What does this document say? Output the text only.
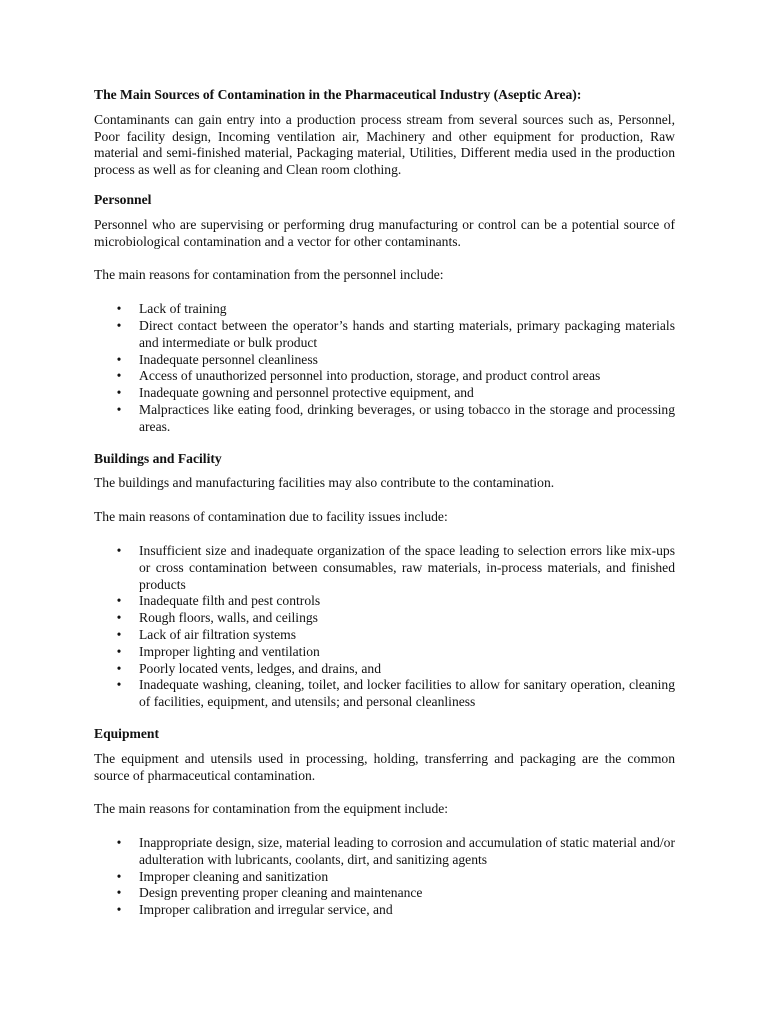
The Main Sources of Contamination in the Pharmaceutical Industry (Aseptic Area):

Contaminants can gain entry into a production process stream from several sources such as, Personnel, Poor facility design, Incoming ventilation air, Machinery and other equipment for production, Raw material and semi-finished material, Packaging material, Utilities, Different media used in the production process as well as for cleaning and Clean room clothing.

Personnel

Personnel who are supervising or performing drug manufacturing or control can be a potential source of microbiological contamination and a vector for other contaminants.

The main reasons for contamination from the personnel include:

• Lack of training
• Direct contact between the operator’s hands and starting materials, primary packaging materials and intermediate or bulk product
• Inadequate personnel cleanliness
• Access of unauthorized personnel into production, storage, and product control areas
• Inadequate gowning and personnel protective equipment, and
• Malpractices like eating food, drinking beverages, or using tobacco in the storage and processing areas.
Buildings and Facility

The buildings and manufacturing facilities may also contribute to the contamination.

The main reasons of contamination due to facility issues include:

• Insufficient size and inadequate organization of the space leading to selection errors like mix-ups or cross contamination between consumables, raw materials, in-process materials, and finished products
• Inadequate filth and pest controls
• Rough floors, walls, and ceilings
• Lack of air filtration systems
• Improper lighting and ventilation
• Poorly located vents, ledges, and drains, and
• Inadequate washing, cleaning, toilet, and locker facilities to allow for sanitary operation, cleaning of facilities, equipment, and utensils; and personal cleanliness
Equipment

The equipment and utensils used in processing, holding, transferring and packaging are the common source of pharmaceutical contamination.

The main reasons for contamination from the equipment include:

• Inappropriate design, size, material leading to corrosion and accumulation of static material and/or adulteration with lubricants, coolants, dirt, and sanitizing agents
• Improper cleaning and sanitization
• Design preventing proper cleaning and maintenance
• Improper calibration and irregular service, and
